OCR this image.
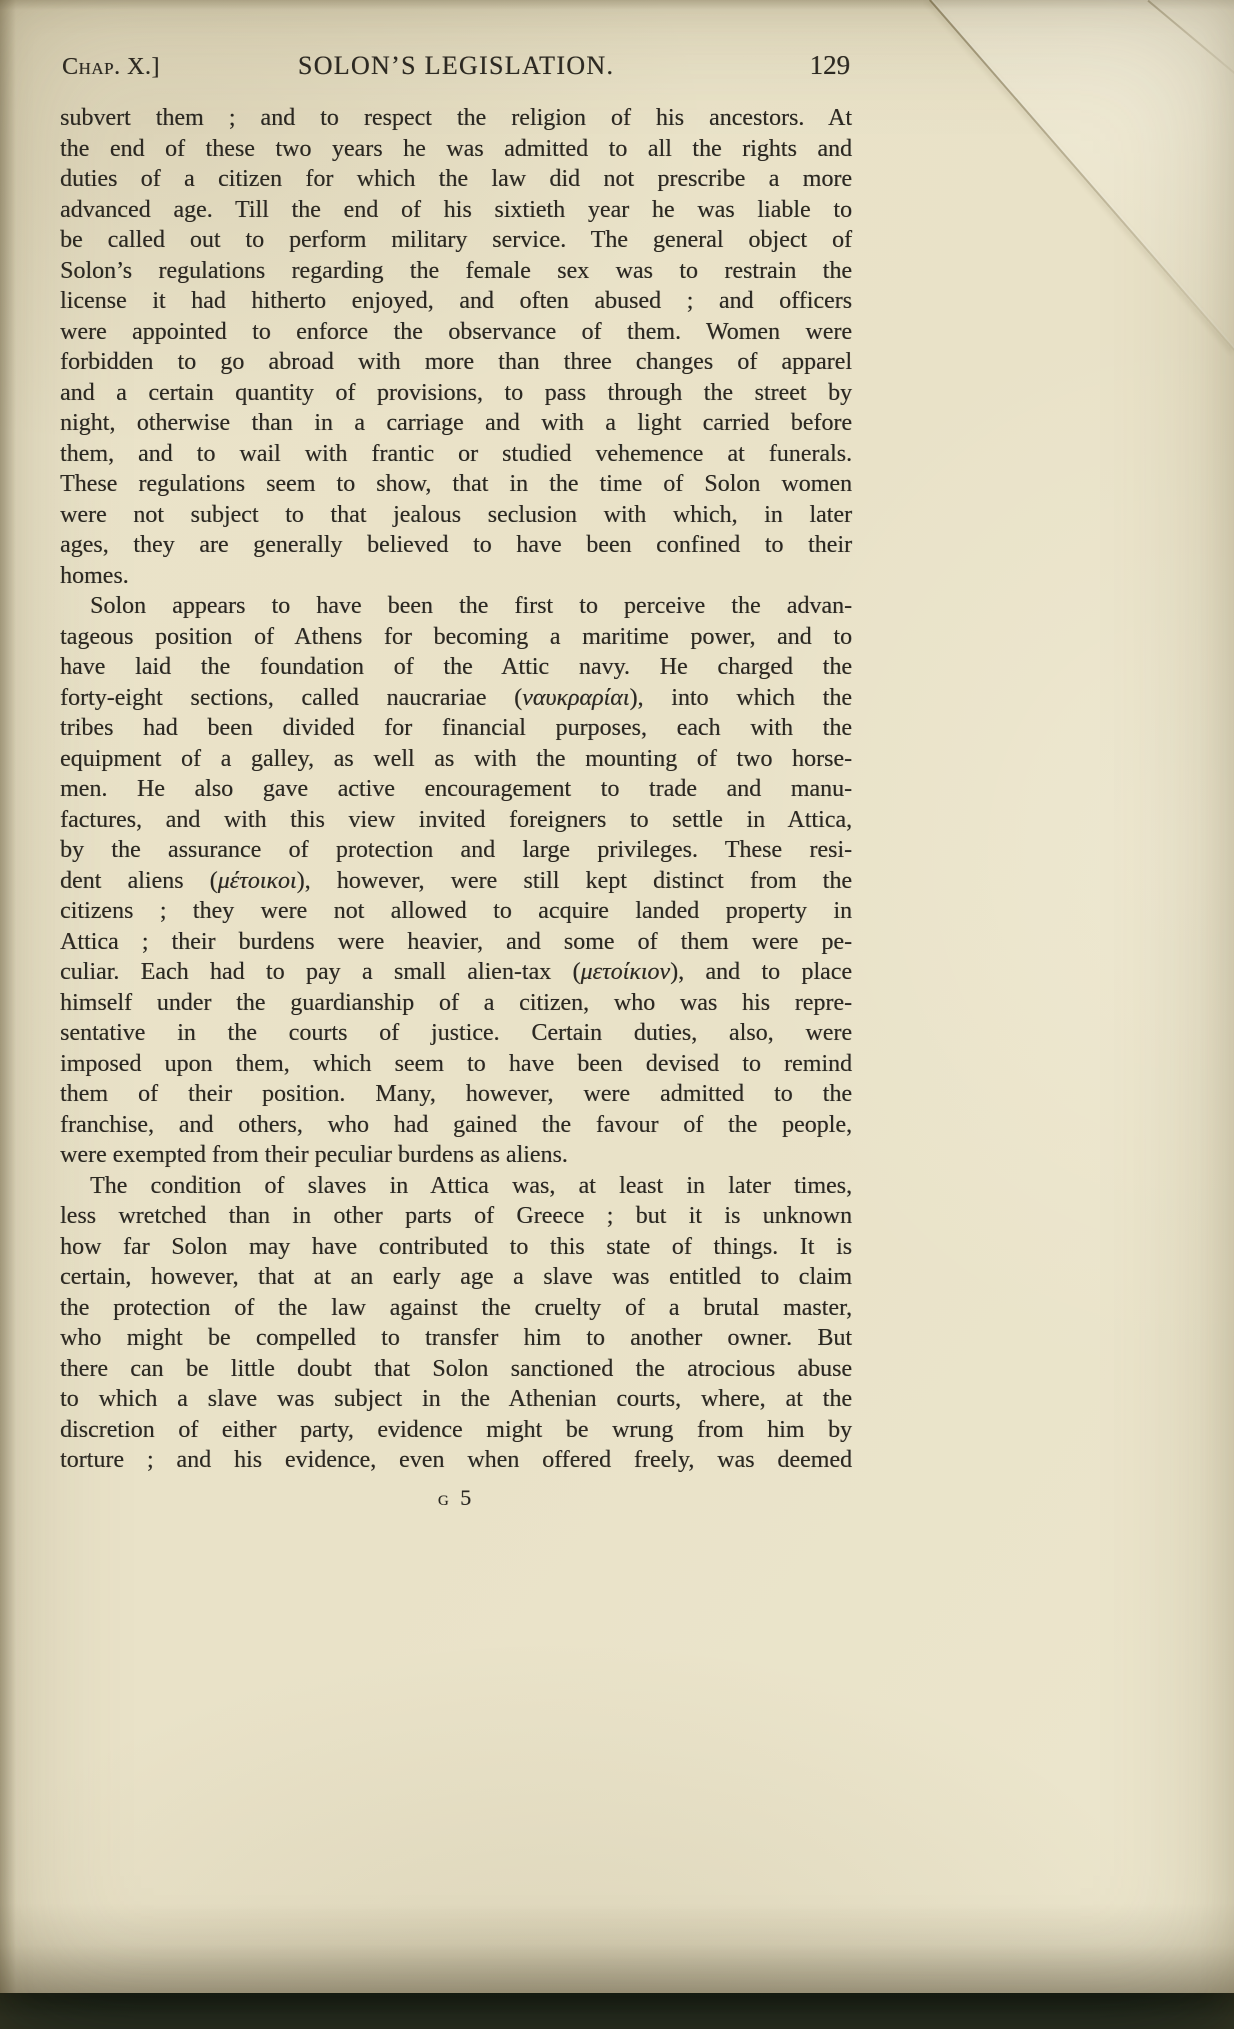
Chap. X.]	SOLON’S LEGISLATION.	129
subvert them ; and to respect the religion of his ancestors. At
the end of these two years he was admitted to all the rights and
duties of a citizen for which the law did not prescribe a more
advanced age. Till the end of his sixtieth year he was liable to
be called out to perform military service. The general object of
Solon’s regulations regarding the female sex was to restrain the
license it had hitherto enjoyed, and often abused ; and officers
were appointed to enforce the observance of them. Women were
forbidden to go abroad with more than three changes of apparel
and a certain quantity of provisions, to pass through the street by
night, otherwise than in a carriage and with a light carried before
them, and to wail with frantic or studied vehemence at funerals.
These regulations seem to show, that in the time of Solon women
were not subject to that jealous seclusion with which, in later
ages, they are generally believed to have been confined to their
homes.
Solon appears to have been the first to perceive the advan-
tageous position of Athens for becoming a maritime power, and to
have laid the foundation of the Attic navy. He charged the
forty-eight sections, called naucrariae (ναυκραρίαι), into which the
tribes had been divided for financial purposes, each with the
equipment of a galley, as well as with the mounting of two horse-
men. He also gave active encouragement to trade and manu-
factures, and with this view invited foreigners to settle in Attica,
by the assurance of protection and large privileges. These resi-
dent aliens (μέτοικοι), however, were still kept distinct from the
citizens ; they were not allowed to acquire landed property in
Attica ; their burdens were heavier, and some of them were pe-
culiar. Each had to pay a small alien-tax (μετοίκιον), and to place
himself under the guardianship of a citizen, who was his repre-
sentative in the courts of justice. Certain duties, also, were
imposed upon them, which seem to have been devised to remind
them of their position. Many, however, were admitted to the
franchise, and others, who had gained the favour of the people,
were exempted from their peculiar burdens as aliens.
The condition of slaves in Attica was, at least in later times,
less wretched than in other parts of Greece ; but it is unknown
how far Solon may have contributed to this state of things. It is
certain, however, that at an early age a slave was entitled to claim
the protection of the law against the cruelty of a brutal master,
who might be compelled to transfer him to another owner. But
there can be little doubt that Solon sanctioned the atrocious abuse
to which a slave was subject in the Athenian courts, where, at the
discretion of either party, evidence might be wrung from him by
torture ; and his evidence, even when offered freely, was deemed
g 5
